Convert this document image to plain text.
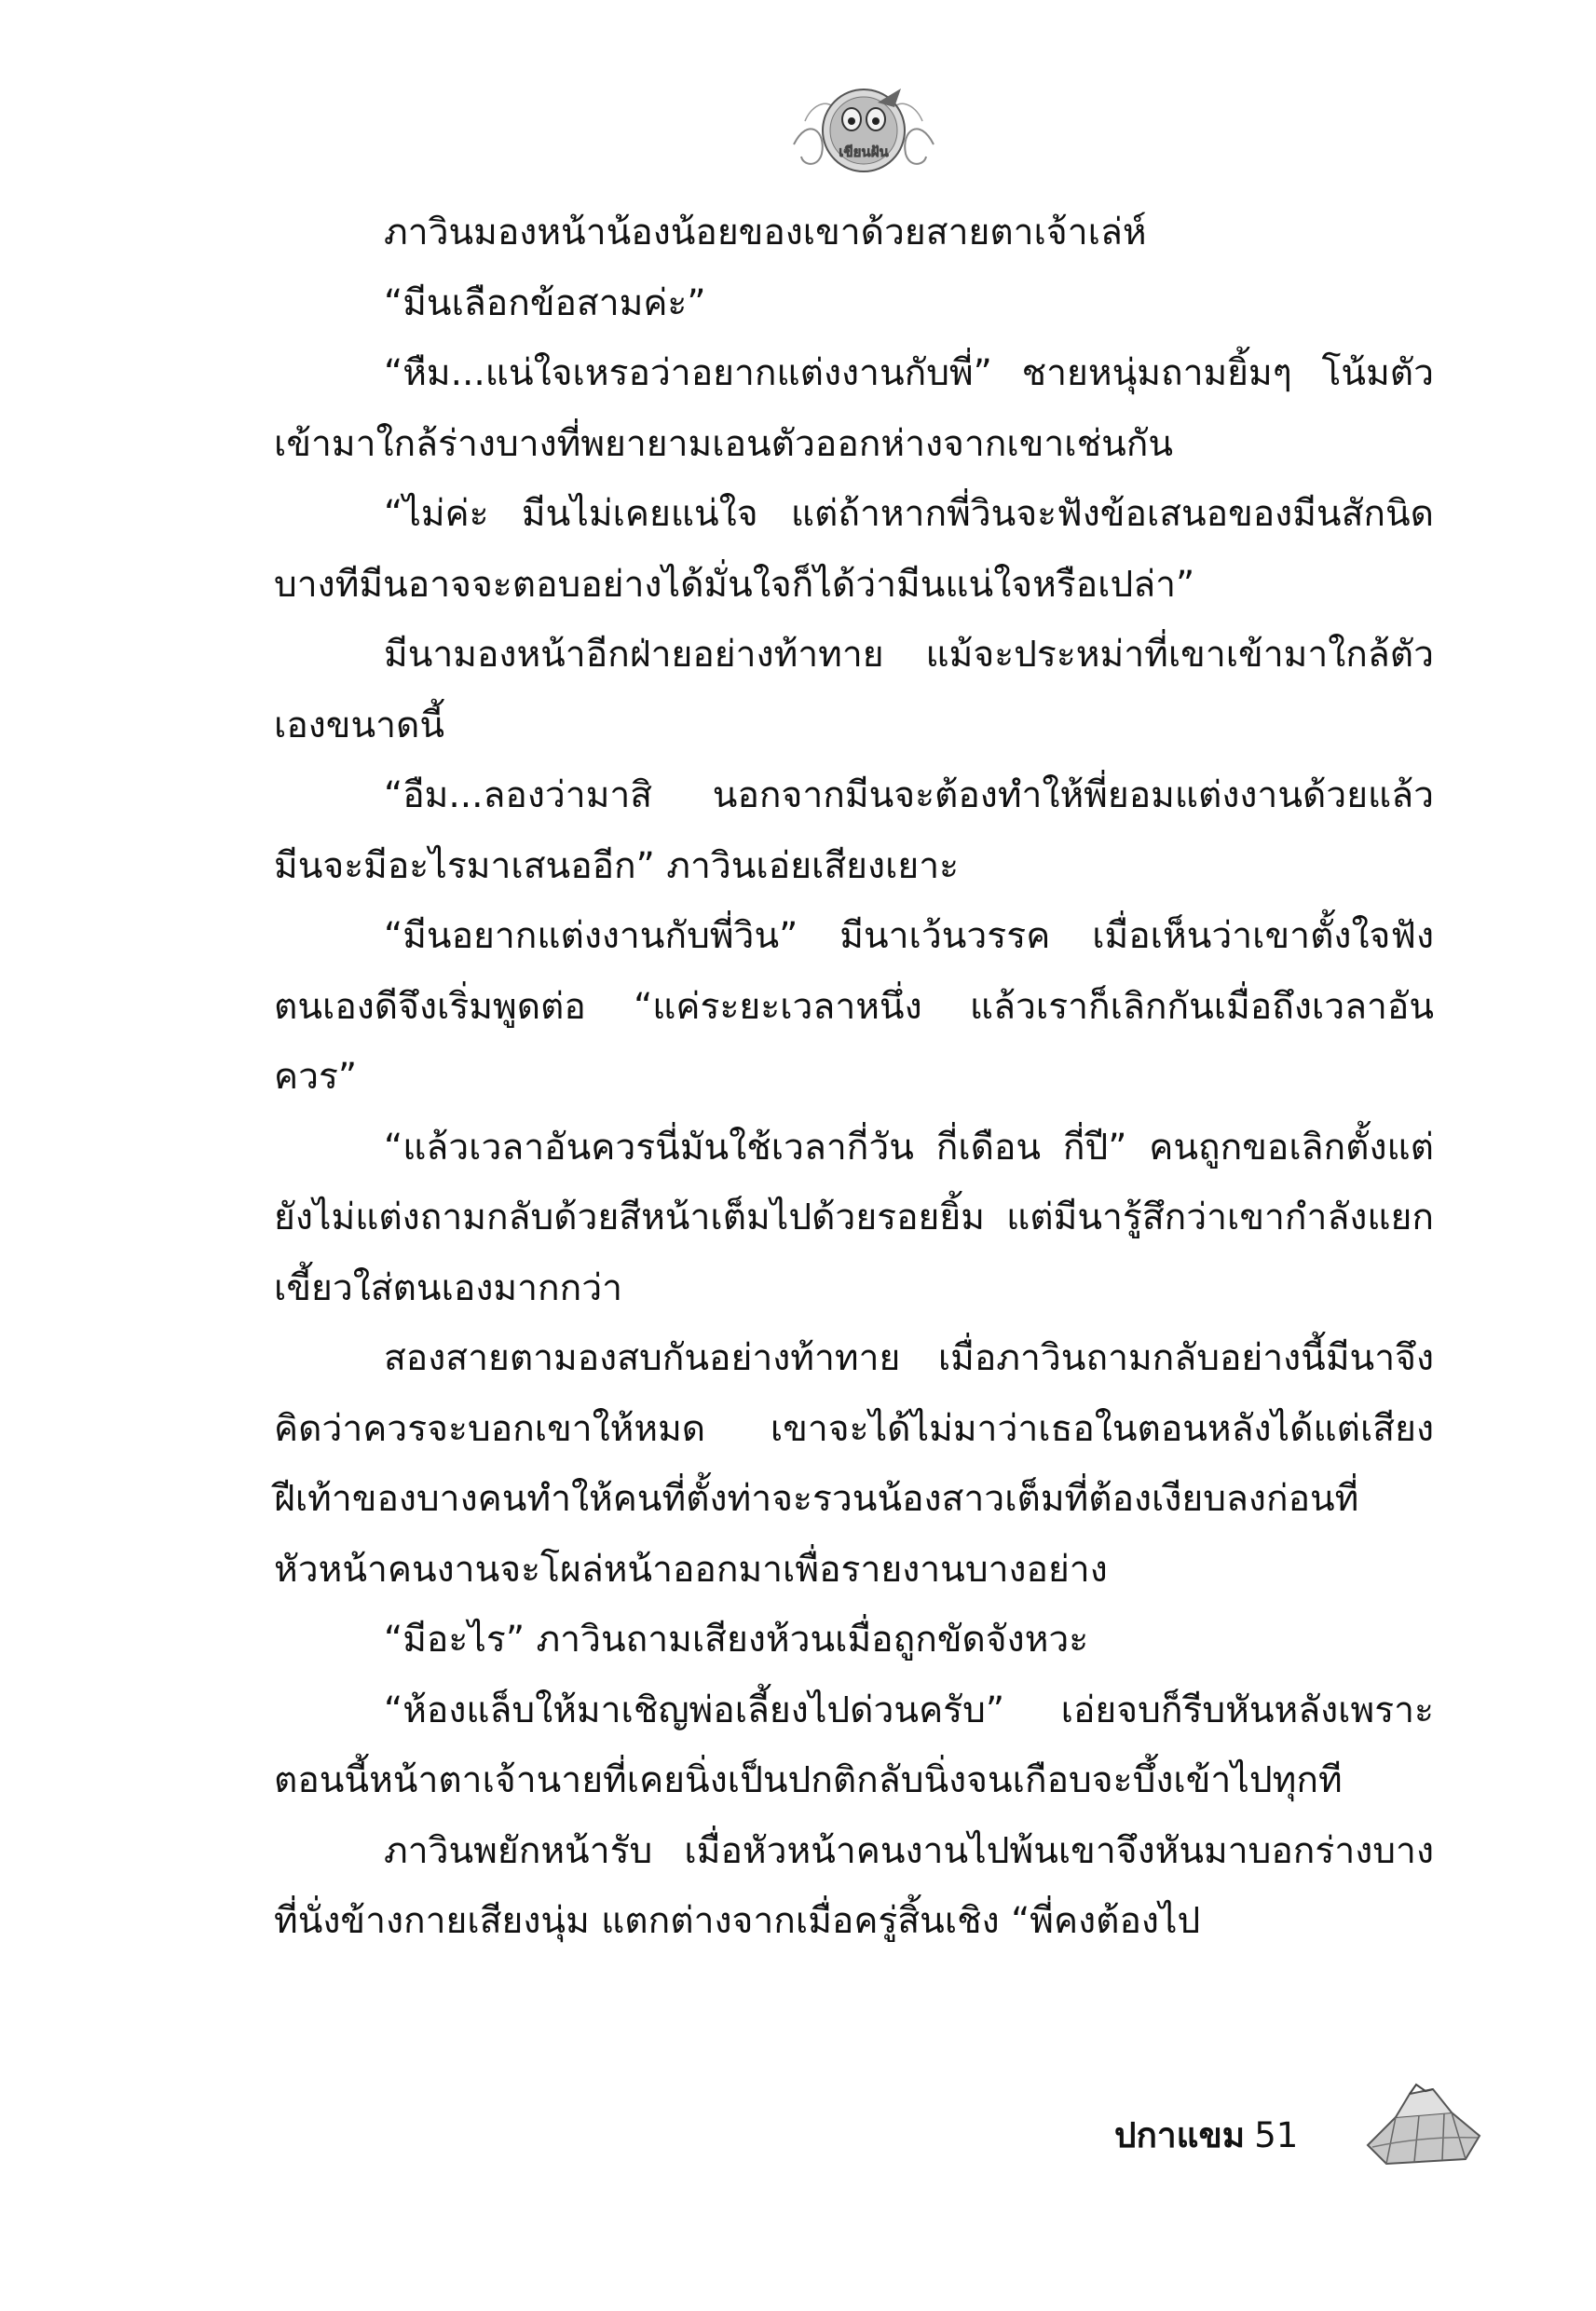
เขียนฝัน

ภาวินมองหน้าน้องน้อยของเขาด้วยสายตาเจ้าเล่ห์

“มีนเลือกข้อสามค่ะ”

“หืม...แน่ใจเหรอว่าอยากแต่งงานกับพี่” ชายหนุ่มถามยิ้มๆ โน้มตัวเข้ามาใกล้ร่างบางที่พยายามเอนตัวออกห่างจากเขาเช่นกัน

“ไม่ค่ะ มีนไม่เคยแน่ใจ แต่ถ้าหากพี่วินจะฟังข้อเสนอของมีนสักนิด บางทีมีนอาจจะตอบอย่างได้มั่นใจก็ได้ว่ามีนแน่ใจหรือเปล่า”

มีนามองหน้าอีกฝ่ายอย่างท้าทาย แม้จะประหม่าที่เขาเข้ามาใกล้ตัวเองขนาดนี้

“อืม...ลองว่ามาสิ นอกจากมีนจะต้องทำให้พี่ยอมแต่งงานด้วยแล้วมีนจะมีอะไรมาเสนออีก” ภาวินเอ่ยเสียงเยาะ

“มีนอยากแต่งงานกับพี่วิน” มีนาเว้นวรรค เมื่อเห็นว่าเขาตั้งใจฟังตนเองดีจึงเริ่มพูดต่อ “แค่ระยะเวลาหนึ่ง แล้วเราก็เลิกกันเมื่อถึงเวลาอันควร”

“แล้วเวลาอันควรนี่มันใช้เวลากี่วัน กี่เดือน กี่ปี” คนถูกขอเลิกตั้งแต่ยังไม่แต่งถามกลับด้วยสีหน้าเต็มไปด้วยรอยยิ้ม แต่มีนารู้สึกว่าเขากำลังแยกเขี้ยวใส่ตนเองมากกว่า

สองสายตามองสบกันอย่างท้าทาย เมื่อภาวินถามกลับอย่างนี้มีนาจึงคิดว่าควรจะบอกเขาให้หมด เขาจะได้ไม่มาว่าเธอในตอนหลังได้แต่เสียงฝีเท้าของบางคนทำให้คนที่ตั้งท่าจะรวนน้องสาวเต็มที่ต้องเงียบลงก่อนที่หัวหน้าคนงานจะโผล่หน้าออกมาเพื่อรายงานบางอย่าง

“มีอะไร” ภาวินถามเสียงห้วนเมื่อถูกขัดจังหวะ

“ห้องแล็บให้มาเชิญพ่อเลี้ยงไปด่วนครับ” เอ่ยจบก็รีบหันหลังเพราะตอนนี้หน้าตาเจ้านายที่เคยนิ่งเป็นปกติกลับนิ่งจนเกือบจะบึ้งเข้าไปทุกที

ภาวินพยักหน้ารับ เมื่อหัวหน้าคนงานไปพ้นเขาจึงหันมาบอกร่างบางที่นั่งข้างกายเสียงนุ่ม แตกต่างจากเมื่อครู่สิ้นเชิง “พี่คงต้องไป

ปกาแขม 51
